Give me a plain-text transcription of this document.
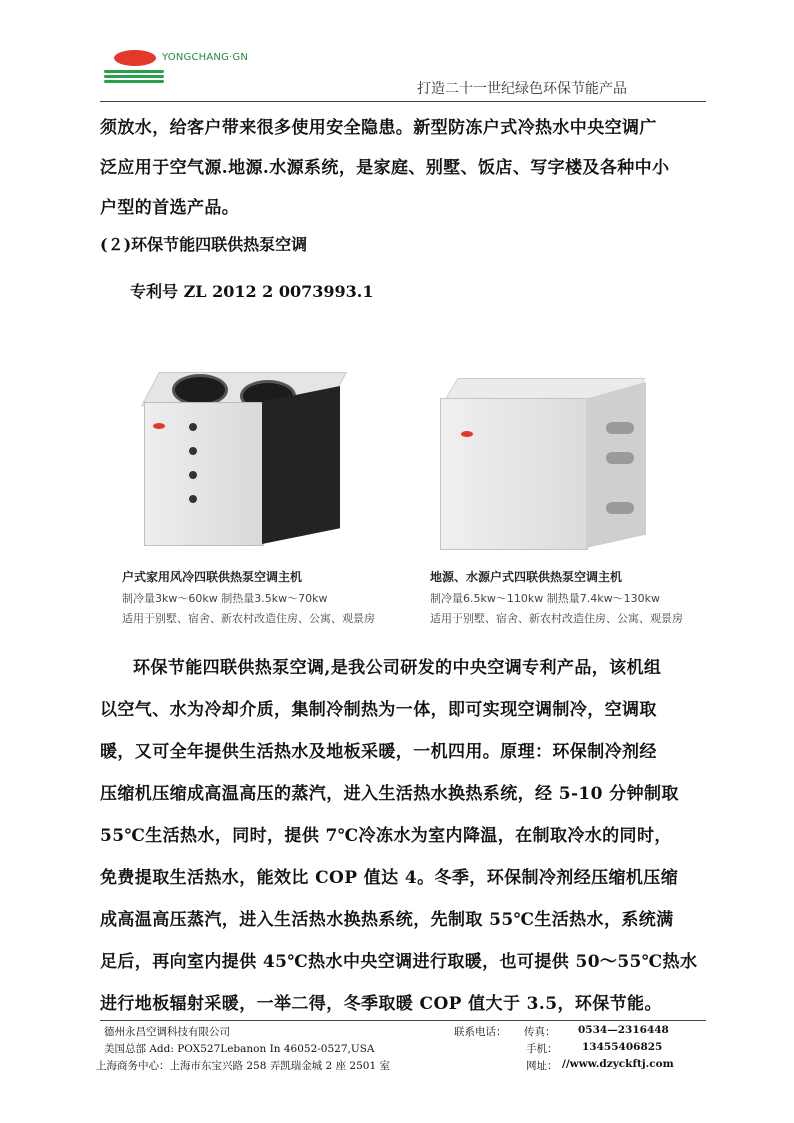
YONGCHANG·GN
打造二十一世纪绿色环保节能产品
须放水，给客户带来很多使用安全隐患。新型防冻户式冷热水中央空调广
泛应用于空气源.地源.水源系统，是家庭、别墅、饭店、写字楼及各种中小
户型的首选产品。
(２)环保节能四联供热泵空调
专利号 ZL 2012 2 0073993.1
户式家用风冷四联供热泵空调主机
制冷量3kw～60kw 制热量3.5kw～70kw
适用于别墅、宿舍、新农村改造住房、公寓、观景房
地源、水源户式四联供热泵空调主机
制冷量6.5kw～110kw 制热量7.4kw～130kw
适用于别墅、宿舍、新农村改造住房、公寓、观景房
环保节能四联供热泵空调,是我公司研发的中央空调专利产品，该机组
以空气、水为冷却介质，集制冷制热为一体，即可实现空调制冷，空调取
暖，又可全年提供生活热水及地板采暖，一机四用。原理：环保制冷剂经
压缩机压缩成高温高压的蒸汽，进入生活热水换热系统，经 5-10 分钟制取
55℃生活热水，同时，提供 7℃冷冻水为室内降温，在制取冷水的同时，
免费提取生活热水，能效比 COP 值达 4。冬季，环保制冷剂经压缩机压缩
成高温高压蒸汽，进入生活热水换热系统，先制取 55℃生活热水，系统满
足后，再向室内提供 45℃热水中央空调进行取暖，也可提供 50～55℃热水
进行地板辐射采暖，一举二得，冬季取暖 COP 值大于 3.5，环保节能。
德州永昌空调科技有限公司
美国总部 Add: POX527Lebanon In 46052-0527,USA
上海商务中心：上海市东宝兴路 258 弄凯瑞金城 2 座 2501 室
联系电话： 传真： 0534—2316448
手机： 13455406825
网址： //www.dzyckftj.com
